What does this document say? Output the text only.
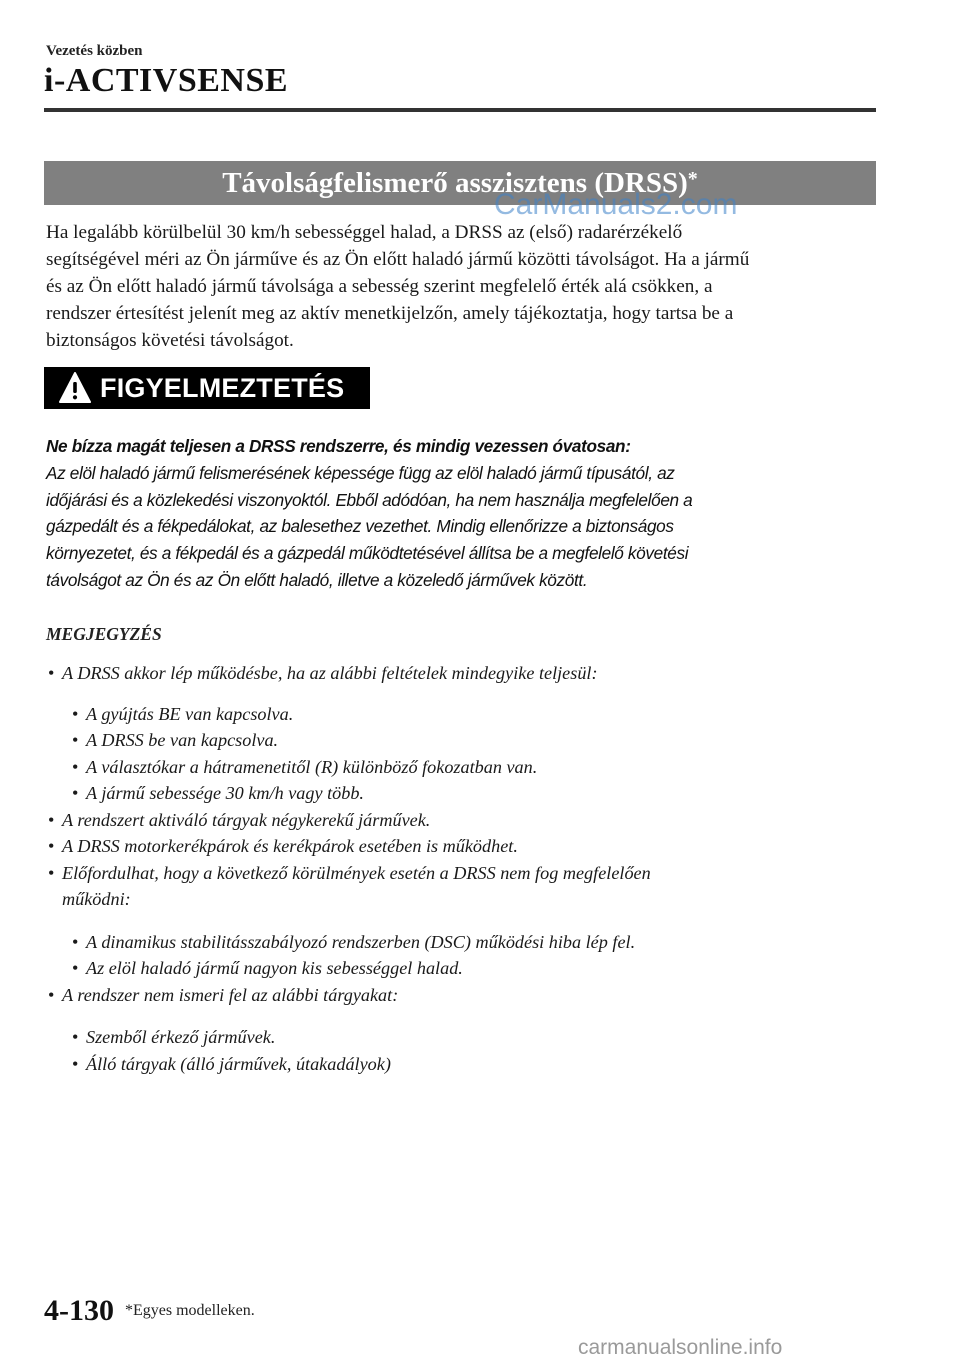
Vezetés közben
i-ACTIVSENSE
Távolságfelismerő asszisztens (DRSS)*
CarManuals2.com

Ha legalább körülbelül 30 km/h sebességgel halad, a DRSS az (első) radarérzékelő

segítségével méri az Ön járműve és az Ön előtt haladó jármű közötti távolságot. Ha a jármű

és az Ön előtt haladó jármű távolsága a sebesség szerint megfelelő érték alá csökken, a

rendszer értesítést jelenít meg az aktív menetkijelzőn, amely tájékoztatja, hogy tartsa be a

biztonságos követési távolságot.

FIGYELMEZTETÉS

Ne bízza magát teljesen a DRSS rendszerre, és mindig vezessen óvatosan:

Az elöl haladó jármű felismerésének képessége függ az elöl haladó jármű típusától, az

időjárási és a közlekedési viszonyoktól. Ebből adódóan, ha nem használja megfelelően a

gázpedált és a fékpedálokat, az balesethez vezethet. Mindig ellenőrizze a biztonságos

környezetet, és a fékpedál és a gázpedál működtetésével állítsa be a megfelelő követési

távolságot az Ön és az Ön előtt haladó, illetve a közeledő járművek között.

MEGJEGYZÉS
• A DRSS akkor lép működésbe, ha az alábbi feltételek mindegyike teljesül:
• A gyújtás BE van kapcsolva.
• A DRSS be van kapcsolva.
• A választókar a hátramenetitől (R) különböző fokozatban van.
• A jármű sebessége 30 km/h vagy több.
• A rendszert aktiváló tárgyak négykerekű járművek.
• A DRSS motorkerékpárok és kerékpárok esetében is működhet.
• Előfordulhat, hogy a következő körülmények esetén a DRSS nem fog megfelelően
működni:
• A dinamikus stabilitásszabályozó rendszerben (DSC) működési hiba lép fel.
• Az elöl haladó jármű nagyon kis sebességgel halad.
• A rendszer nem ismeri fel az alábbi tárgyakat:
• Szemből érkező járművek.
• Álló tárgyak (álló járművek, útakadályok)
4-130 *Egyes modelleken.
carmanualsonline.info
